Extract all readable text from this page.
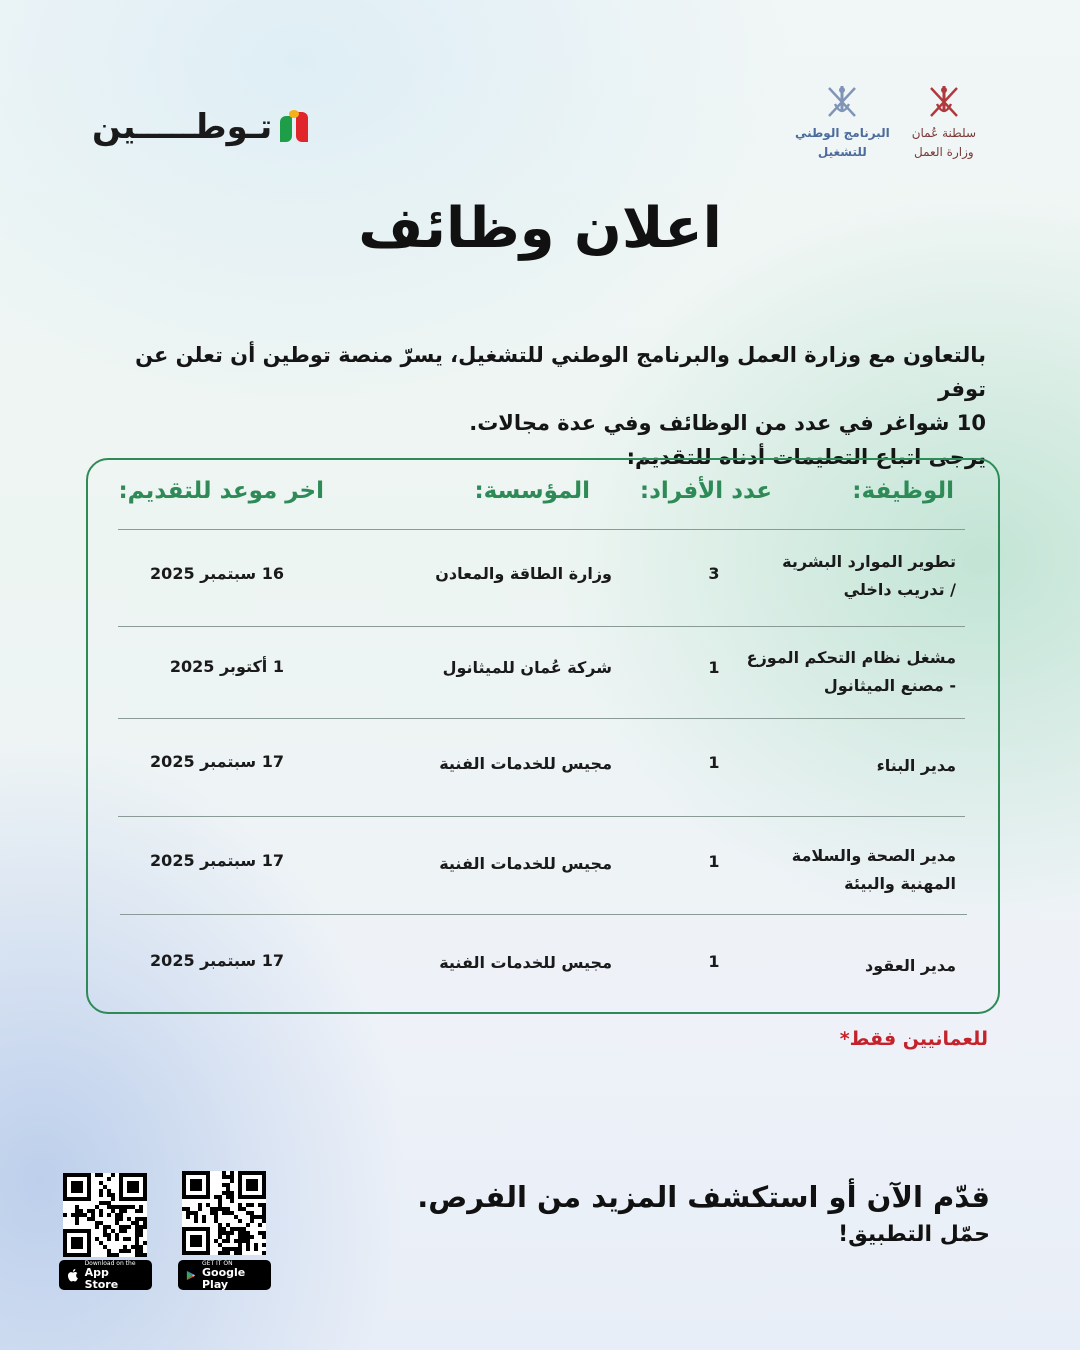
تـوطـــــين	سلطنة عُمان
وزارة العمل
البرنامج الوطني
للتشغيل
اعلان وظائف
بالتعاون مع وزارة العمل والبرنامج الوطني للتشغيل، يسرّ منصة توطين أن تعلن عن توفر
10 شواغر في عدد من الوظائف وفي عدة مجالات.
يرجى اتباع التعليمات أدناه للتقديم:
الوظيفة:
عدد الأفراد:
المؤسسة:
اخر موعد للتقديم:
تطوير الموارد البشرية
/ تدريب داخلي
3
وزارة الطاقة والمعادن
16 سبتمبر 2025
مشغل نظام التحكم الموزع
- مصنع الميثانول
1
شركة عُمان للميثانول
1 أكتوبر 2025
مدير البناء
1
مجيس للخدمات الفنية
17 سبتمبر 2025
مدير الصحة والسلامة
المهنية والبيئة
1
مجيس للخدمات الفنية
17 سبتمبر 2025
مدير العقود
1
مجيس للخدمات الفنية
17 سبتمبر 2025
للعمانيين فقط*
قدّم الآن أو استكشف المزيد من الفرص.
حمّل التطبيق!
Download on the
App Store
GET IT ON
Google Play
